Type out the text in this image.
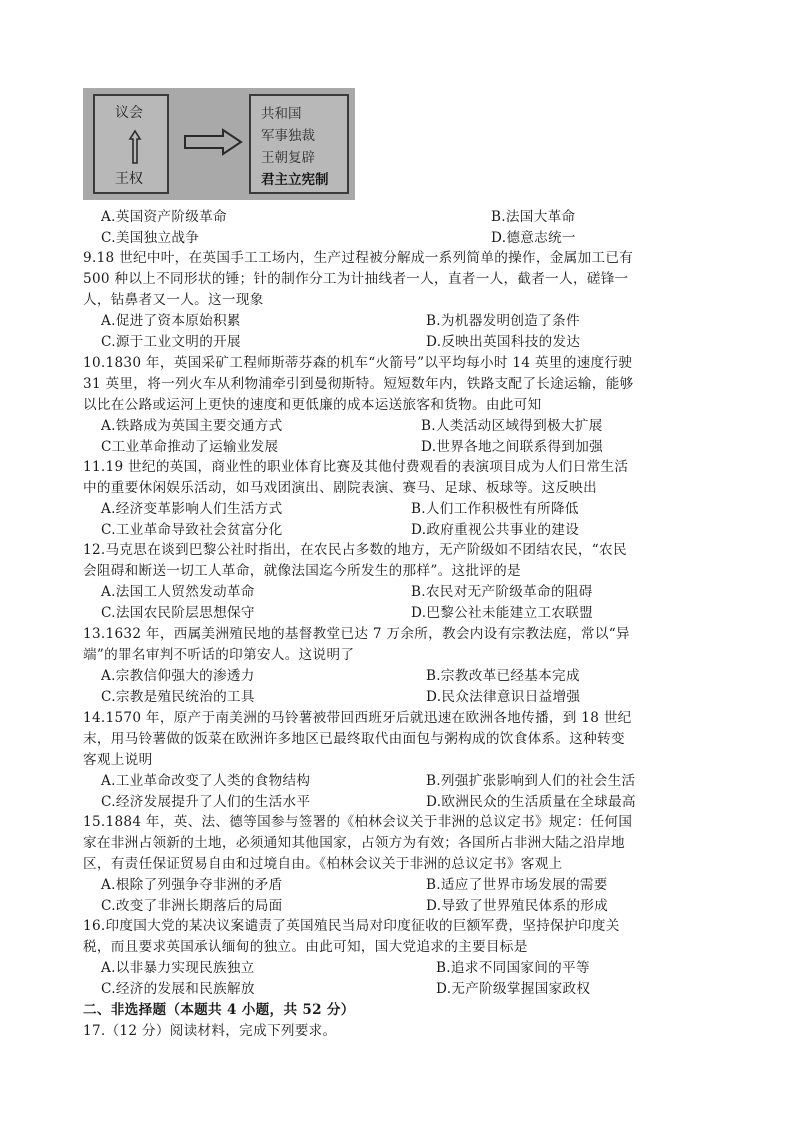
议会
王权
共和国
军事独裁
王朝复辟
君主立宪制
A.英国资产阶级革命	B.法国大革命
C.美国独立战争	D.德意志统一
9.18 世纪中叶，在英国手工工场内，生产过程被分解成一系列简单的操作，金属加工已有
500 种以上不同形状的锤；针的制作分工为计抽线者一人，直者一人，截者一人，磋锋一
人，钻鼻者又一人。这一现象
A.促进了资本原始积累	B.为机器发明创造了条件
C.源于工业文明的开展	D.反映出英国科技的发达
10.1830 年，英国采矿工程师斯蒂芬森的机车“火箭号”以平均每小时 14 英里的速度行驶
31 英里，将一列火车从利物浦牵引到曼彻斯特。短短数年内，铁路支配了长途运输，能够
以比在公路或运河上更快的速度和更低廉的成本运送旅客和货物。由此可知
A.铁路成为英国主要交通方式	B.人类活动区域得到极大扩展
C工业革命推动了运输业发展	D.世界各地之间联系得到加强
11.19 世纪的英国，商业性的职业体育比赛及其他付费观看的表演项目成为人们日常生活
中的重要休闲娱乐活动，如马戏团演出、剧院表演、赛马、足球、板球等。这反映出
A.经济变革影响人们生活方式	B.人们工作积极性有所降低
C.工业革命导致社会贫富分化	D.政府重视公共事业的建设
12.马克思在谈到巴黎公社时指出，在农民占多数的地方，无产阶级如不团结农民，“农民
会阻碍和断送一切工人革命，就像法国迄今所发生的那样”。这批评的是
A.法国工人贸然发动革命	B.农民对无产阶级革命的阻碍
C.法国农民阶层思想保守	D.巴黎公社未能建立工农联盟
13.1632 年，西属美洲殖民地的基督教堂已达 7 万余所，教会内设有宗教法庭，常以“异
端”的罪名审判不听话的印第安人。这说明了
A.宗教信仰强大的渗透力	B.宗教改革已经基本完成
C.宗教是殖民统治的工具	D.民众法律意识日益增强
14.1570 年，原产于南美洲的马铃薯被带回西班牙后就迅速在欧洲各地传播，到 18 世纪
末，用马铃薯做的饭菜在欧洲许多地区已最终取代由面包与粥构成的饮食体系。这种转变
客观上说明
A.工业革命改变了人类的食物结构	B.列强扩张影响到人们的社会生活
C.经济发展提升了人们的生活水平	D.欧洲民众的生活质量在全球最高
15.1884 年，英、法、德等国参与签署的《柏林会议关于非洲的总议定书》规定：任何国
家在非洲占领新的土地，必须通知其他国家，占领方为有效；各国所占非洲大陆之沿岸地
区，有责任保证贸易自由和过境自由。《柏林会议关于非洲的总议定书》客观上
A.根除了列强争夺非洲的矛盾	B.适应了世界市场发展的需要
C.改变了非洲长期落后的局面	D.导致了世界殖民体系的形成
16.印度国大党的某决议案谴责了英国殖民当局对印度征收的巨额军费，坚持保护印度关
税，而且要求英国承认缅甸的独立。由此可知，国大党追求的主要目标是
A.以非暴力实现民族独立	B.追求不同国家间的平等
C.经济的发展和民族解放	D.无产阶级掌握国家政权
二、非选择题（本题共 4 小题，共 52 分）
17.（12 分）阅读材料，完成下列要求。
